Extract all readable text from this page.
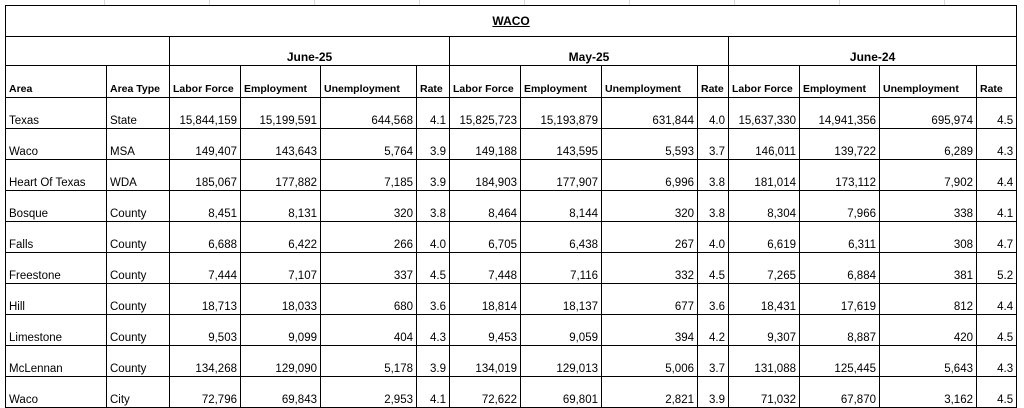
WACO													
		June-25				May-25				June-24			
Area	Area Type	Labor Force	Employment	Unemployment	Rate	Labor Force	Employment	Unemployment	Rate	Labor Force	Employment	Unemployment	Rate
Texas	State	15,844,159	15,199,591	644,568	4.1	15,825,723	15,193,879	631,844	4.0	15,637,330	14,941,356	695,974	4.5
Waco	MSA	149,407	143,643	5,764	3.9	149,188	143,595	5,593	3.7	146,011	139,722	6,289	4.3
Heart Of Texas	WDA	185,067	177,882	7,185	3.9	184,903	177,907	6,996	3.8	181,014	173,112	7,902	4.4
Bosque	County	8,451	8,131	320	3.8	8,464	8,144	320	3.8	8,304	7,966	338	4.1
Falls	County	6,688	6,422	266	4.0	6,705	6,438	267	4.0	6,619	6,311	308	4.7
Freestone	County	7,444	7,107	337	4.5	7,448	7,116	332	4.5	7,265	6,884	381	5.2
Hill	County	18,713	18,033	680	3.6	18,814	18,137	677	3.6	18,431	17,619	812	4.4
Limestone	County	9,503	9,099	404	4.3	9,453	9,059	394	4.2	9,307	8,887	420	4.5
McLennan	County	134,268	129,090	5,178	3.9	134,019	129,013	5,006	3.7	131,088	125,445	5,643	4.3
Waco	City	72,796	69,843	2,953	4.1	72,622	69,801	2,821	3.9	71,032	67,870	3,162	4.5
